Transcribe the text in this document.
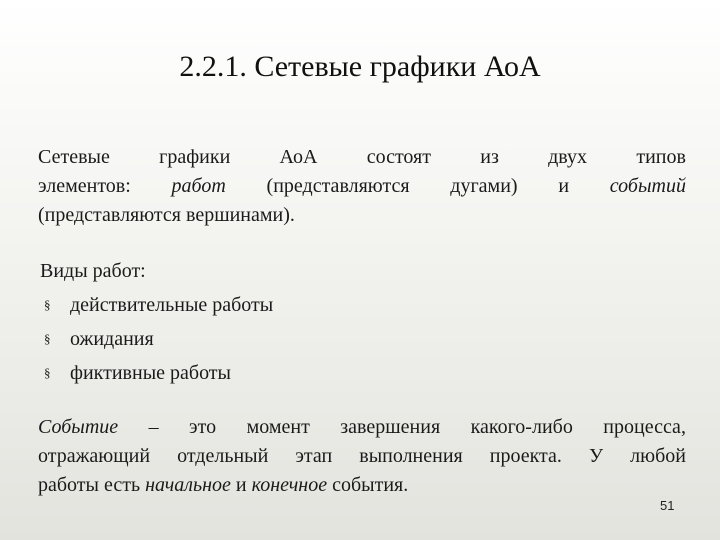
2.2.1. Сетевые графики АоА
Сетевые графики АоА состоят из двух типов
элементов: работ (представляются дугами) и событий
(представляются вершинами).
Виды работ:
§ действительные работы
§ ожидания
§ фиктивные работы
Событие – это момент завершения какого-либо процесса,
отражающий отдельный этап выполнения проекта. У любой
работы есть начальное и конечное события.
51
